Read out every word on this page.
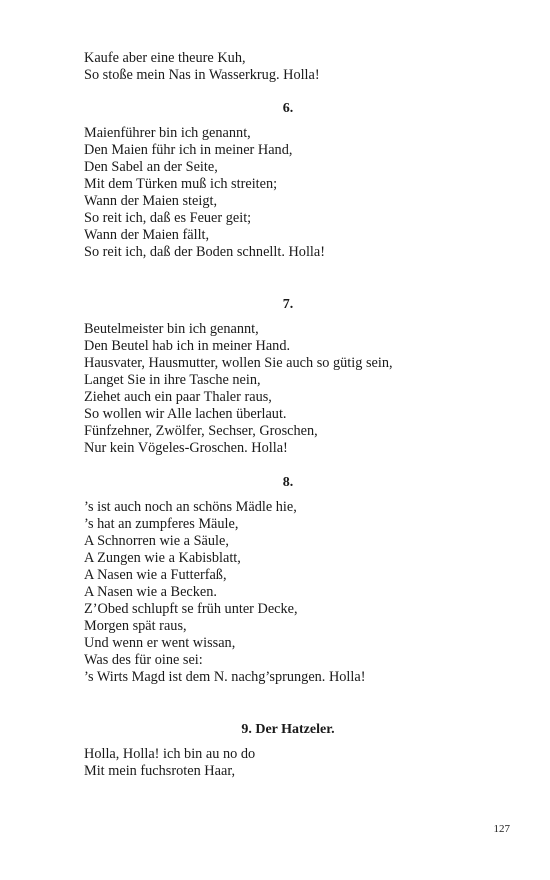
Kaufe aber eine theure Kuh,
So stoße mein Nas in Wasserkrug. Holla!
6.
Maienführer bin ich genannt,
Den Maien führ ich in meiner Hand,
Den Sabel an der Seite,
Mit dem Türken muß ich streiten;
Wann der Maien steigt,
So reit ich, daß es Feuer geit;
Wann der Maien fällt,
So reit ich, daß der Boden schnellt. Holla!
7.
Beutelmeister bin ich genannt,
Den Beutel hab ich in meiner Hand.
Hausvater, Hausmutter, wollen Sie auch so gütig sein,
Langet Sie in ihre Tasche nein,
Ziehet auch ein paar Thaler raus,
So wollen wir Alle lachen überlaut.
Fünfzehner, Zwölfer, Sechser, Groschen,
Nur kein Vögeles-Groschen. Holla!
8.
’s ist auch noch an schöns Mädle hie,
’s hat an zumpferes Mäule,
A Schnorren wie a Säule,
A Zungen wie a Kabisblatt,
A Nasen wie a Futterfaß,
A Nasen wie a Becken.
Z’Obed schlupft se früh unter Decke,
Morgen spät raus,
Und wenn er went wissan,
Was des für oine sei:
’s Wirts Magd ist dem N. nachg’sprungen. Holla!
9. Der Hatzeler.
Holla, Holla! ich bin au no do
Mit mein fuchsroten Haar,
127
